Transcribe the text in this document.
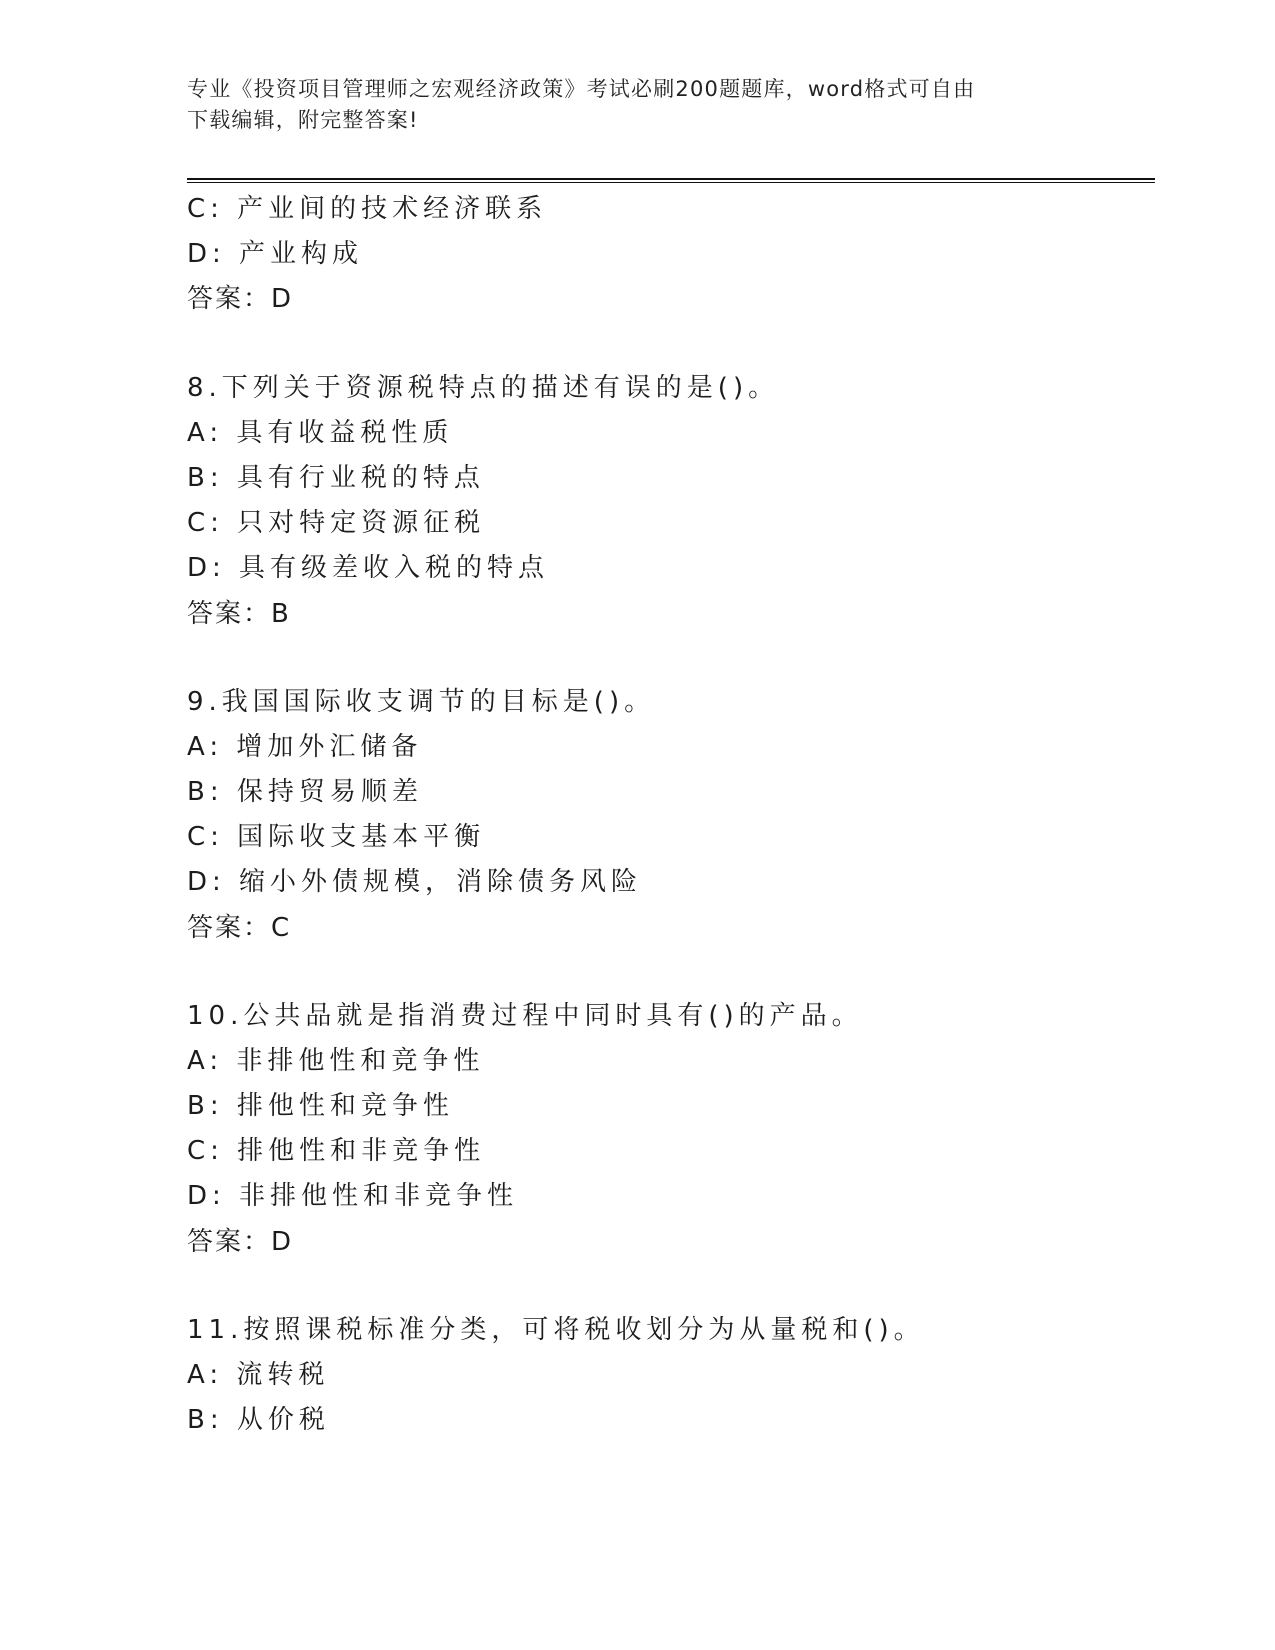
专业《投资项目管理师之宏观经济政策》考试必刷200题题库，word格式可自由
下载编辑，附完整答案!
C: 产业间的技术经济联系
D: 产业构成
答案：D
8.下列关于资源税特点的描述有误的是()。
A: 具有收益税性质
B: 具有行业税的特点
C: 只对特定资源征税
D: 具有级差收入税的特点
答案：B
9.我国国际收支调节的目标是()。
A: 增加外汇储备
B: 保持贸易顺差
C: 国际收支基本平衡
D: 缩小外债规模，消除债务风险
答案：C
10.公共品就是指消费过程中同时具有()的产品。
A: 非排他性和竞争性
B: 排他性和竞争性
C: 排他性和非竞争性
D: 非排他性和非竞争性
答案：D
11.按照课税标准分类，可将税收划分为从量税和()。
A: 流转税
B: 从价税
